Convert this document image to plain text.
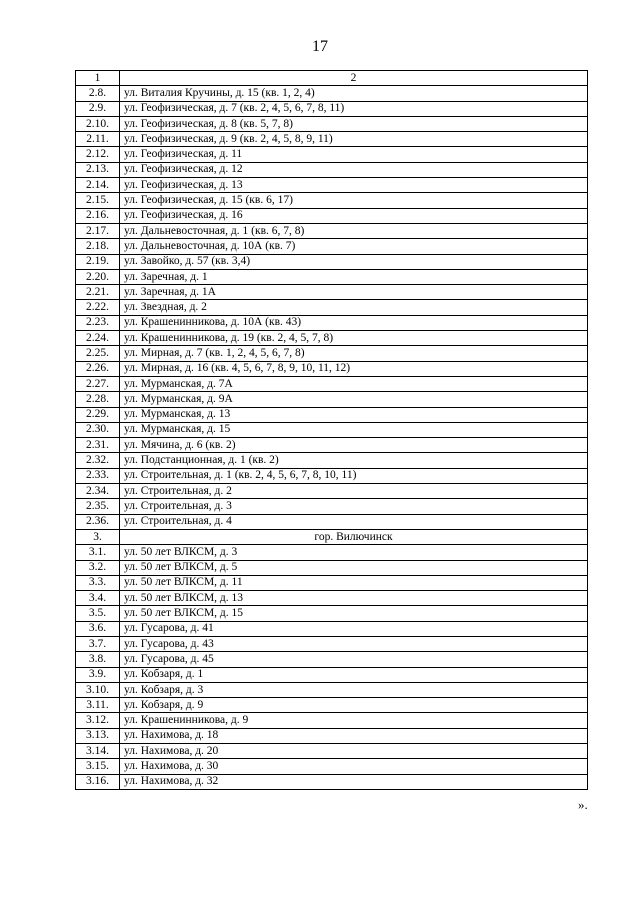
17
1	2
2.8.	ул. Виталия Кручины, д. 15 (кв. 1, 2, 4)
2.9.	ул. Геофизическая, д. 7 (кв. 2, 4, 5, 6, 7, 8, 11)
2.10.	ул. Геофизическая, д. 8 (кв. 5, 7, 8)
2.11.	ул. Геофизическая, д. 9 (кв. 2, 4, 5, 8, 9, 11)
2.12.	ул. Геофизическая, д. 11
2.13.	ул. Геофизическая, д. 12
2.14.	ул. Геофизическая, д. 13
2.15.	ул. Геофизическая, д. 15 (кв. 6, 17)
2.16.	ул. Геофизическая, д. 16
2.17.	ул. Дальневосточная, д. 1 (кв. 6, 7, 8)
2.18.	ул. Дальневосточная, д. 10А (кв. 7)
2.19.	ул. Завойко, д. 57 (кв. 3,4)
2.20.	ул. Заречная, д. 1
2.21.	ул. Заречная, д. 1А
2.22.	ул. Звездная, д. 2
2.23.	ул. Крашенинникова, д. 10А (кв. 43)
2.24.	ул. Крашенинникова, д. 19 (кв. 2, 4, 5, 7, 8)
2.25.	ул. Мирная, д. 7 (кв. 1, 2, 4, 5, 6, 7, 8)
2.26.	ул. Мирная, д. 16 (кв. 4, 5, 6, 7, 8, 9, 10, 11, 12)
2.27.	ул. Мурманская, д. 7А
2.28.	ул. Мурманская, д. 9А
2.29.	ул. Мурманская, д. 13
2.30.	ул. Мурманская, д. 15
2.31.	ул. Мячина, д. 6 (кв. 2)
2.32.	ул. Подстанционная, д. 1 (кв. 2)
2.33.	ул. Строительная, д. 1 (кв. 2, 4, 5, 6, 7, 8, 10, 11)
2.34.	ул. Строительная, д. 2
2.35.	ул. Строительная, д. 3
2.36.	ул. Строительная, д. 4
3.	гор. Вилючинск
3.1.	ул. 50 лет ВЛКСМ, д. 3
3.2.	ул. 50 лет ВЛКСМ, д. 5
3.3.	ул. 50 лет ВЛКСМ, д. 11
3.4.	ул. 50 лет ВЛКСМ, д. 13
3.5.	ул. 50 лет ВЛКСМ, д. 15
3.6.	ул. Гусарова, д. 41
3.7.	ул. Гусарова, д. 43
3.8.	ул. Гусарова, д. 45
3.9.	ул. Кобзаря, д. 1
3.10.	ул. Кобзаря, д. 3
3.11.	ул. Кобзаря, д. 9
3.12.	ул. Крашенинникова, д. 9
3.13.	ул. Нахимова, д. 18
3.14.	ул. Нахимова, д. 20
3.15.	ул. Нахимова, д. 30
3.16.	ул. Нахимова, д. 32
».
